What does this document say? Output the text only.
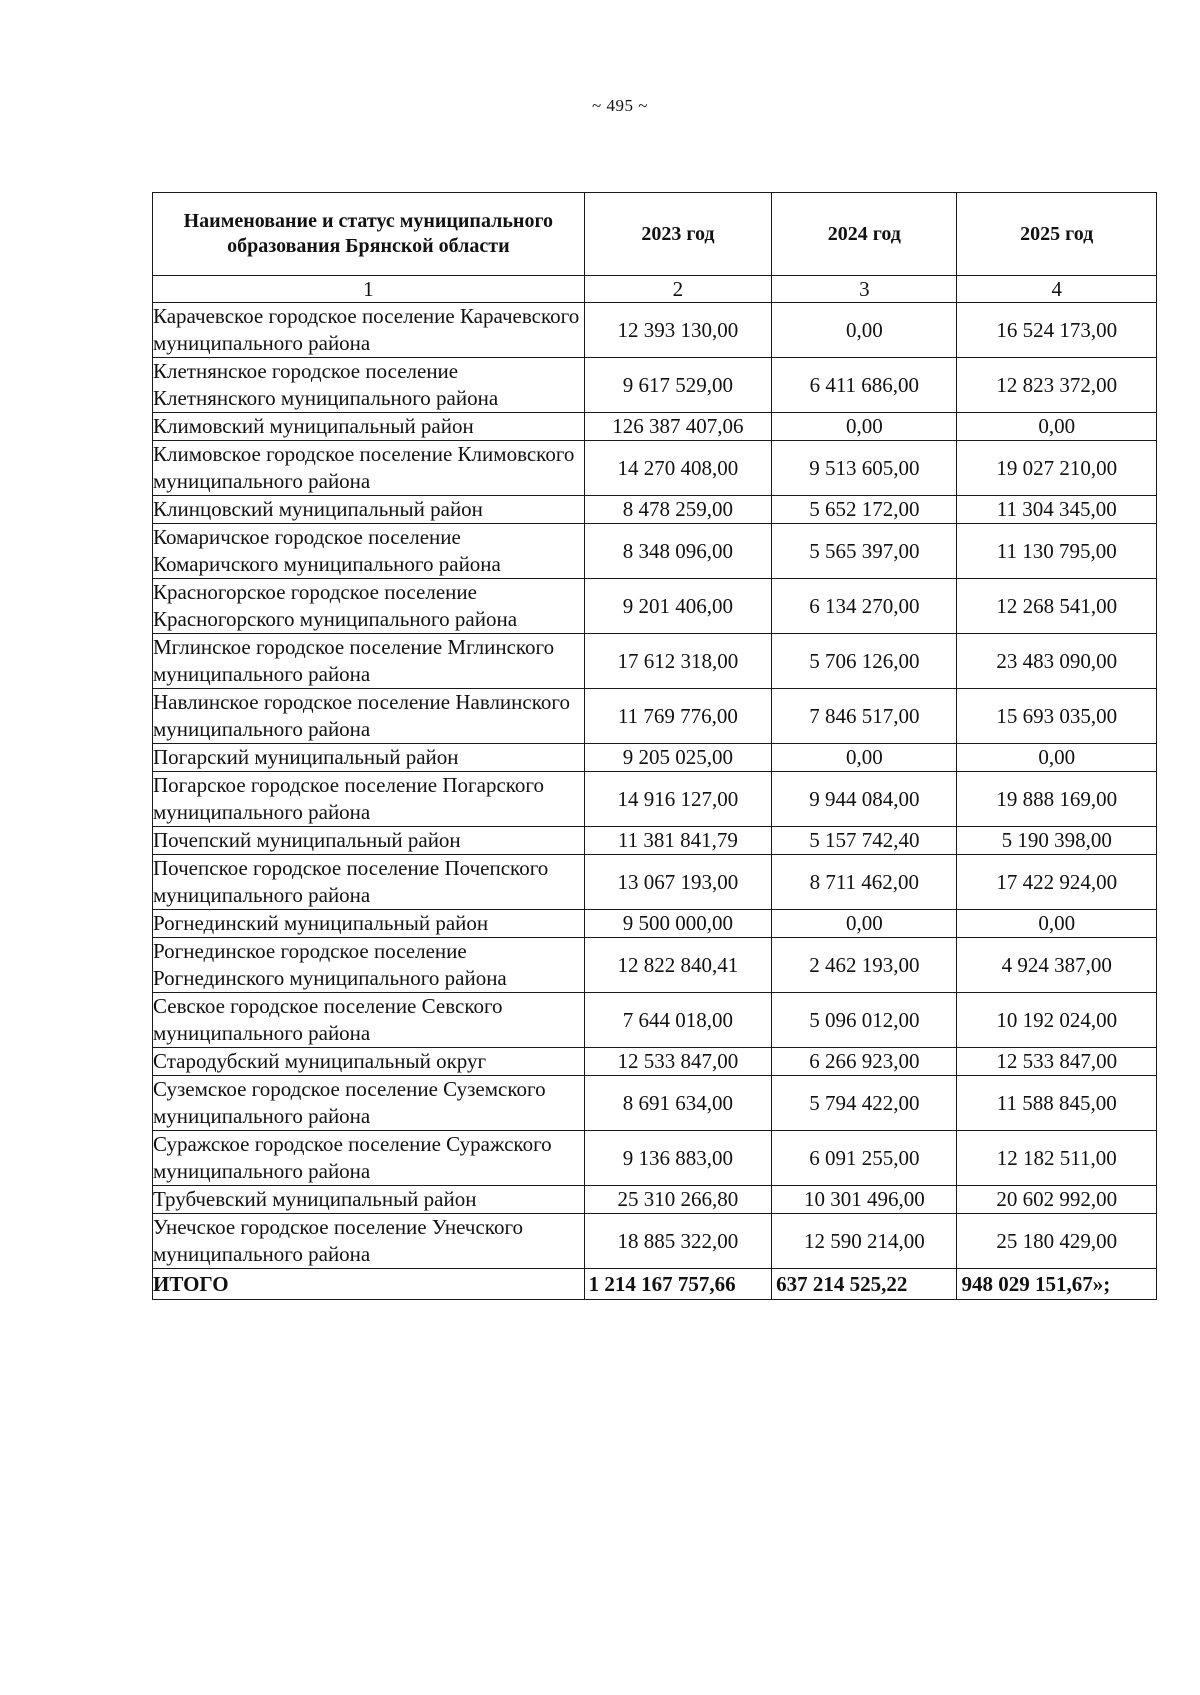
~ 495 ~
Наименование и статус муниципального образования Брянской области	2023 год	2024 год	2025 год
1	2	3	4
Карачевское городское поселение Карачевского муниципального района	12 393 130,00	0,00	16 524 173,00
Клетнянское городское поселение Клетнянского муниципального района	9 617 529,00	6 411 686,00	12 823 372,00
Климовский муниципальный район	126 387 407,06	0,00	0,00
Климовское городское поселение Климовского муниципального района	14 270 408,00	9 513 605,00	19 027 210,00
Клинцовский муниципальный район	8 478 259,00	5 652 172,00	11 304 345,00
Комаричское городское поселение Комаричского муниципального района	8 348 096,00	5 565 397,00	11 130 795,00
Красногорское городское поселение Красногорского муниципального района	9 201 406,00	6 134 270,00	12 268 541,00
Мглинское городское поселение Мглинского муниципального района	17 612 318,00	5 706 126,00	23 483 090,00
Навлинское городское поселение Навлинского муниципального района	11 769 776,00	7 846 517,00	15 693 035,00
Погарский муниципальный район	9 205 025,00	0,00	0,00
Погарское городское поселение Погарского муниципального района	14 916 127,00	9 944 084,00	19 888 169,00
Почепский муниципальный район	11 381 841,79	5 157 742,40	5 190 398,00
Почепское городское поселение Почепского муниципального района	13 067 193,00	8 711 462,00	17 422 924,00
Рогнединский муниципальный район	9 500 000,00	0,00	0,00
Рогнединское городское поселение Рогнединского муниципального района	12 822 840,41	2 462 193,00	4 924 387,00
Севское городское поселение Севского муниципального района	7 644 018,00	5 096 012,00	10 192 024,00
Стародубский муниципальный округ	12 533 847,00	6 266 923,00	12 533 847,00
Суземское городское поселение Суземского муниципального района	8 691 634,00	5 794 422,00	11 588 845,00
Суражское городское поселение Суражского муниципального района	9 136 883,00	6 091 255,00	12 182 511,00
Трубчевский муниципальный район	25 310 266,80	10 301 496,00	20 602 992,00
Унечское городское поселение Унечского муниципального района	18 885 322,00	12 590 214,00	25 180 429,00
ИТОГО	1 214 167 757,66	637 214 525,22	948 029 151,67»;
